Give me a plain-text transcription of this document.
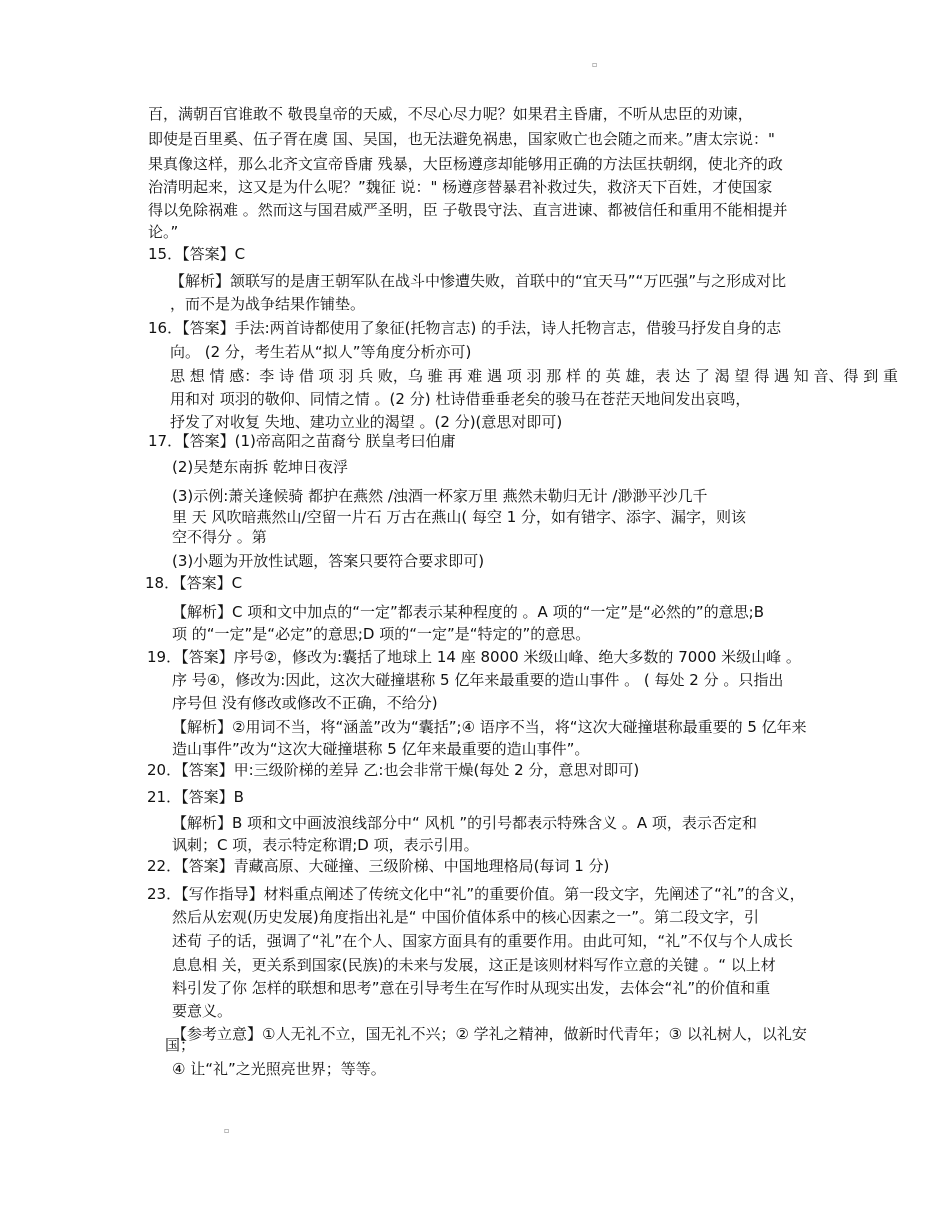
▫
百，满朝百官谁敢不 敬畏皇帝的天威，不尽心尽力呢？如果君主昏庸，不听从忠臣的劝谏，
即使是百里奚、伍子胥在虞 国、吴国，也无法避免祸患，国家败亡也会随之而来。”唐太宗说："
果真像这样，那么北齐文宣帝昏庸 残暴，大臣杨遵彦却能够用正确的方法匡扶朝纲，使北齐的政
治清明起来，这又是为什么呢？”魏征 说：" 杨遵彦替暴君补救过失，救济天下百姓，才使国家
得以免除祸难 。然而这与国君威严圣明，臣 子敬畏守法、直言进谏、都被信任和重用不能相提并
论。”
15．【答案】C
【解析】颔联写的是唐王朝军队在战斗中惨遭失败，首联中的“宜天马”“万匹强”与之形成对比
，而不是为战争结果作铺垫。
16．【答案】手法:两首诗都使用了象征(托物言志) 的手法，诗人托物言志，借骏马抒发自身的志
向。 (2 分，考生若从“拟人”等角度分析亦可)
思 想 情 感：李 诗 借 项 羽 兵 败，乌 骓 再 难 遇 项 羽 那 样 的 英 雄，表 达 了 渴 望 得 遇 知 音、得 到 重
用和对 项羽的敬仰、同情之情 。(2 分) 杜诗借垂垂老矣的骏马在苍茫天地间发出哀鸣，
抒发了对收复 失地、建功立业的渴望 。(2 分)(意思对即可)
17．【答案】(1)帝高阳之苗裔兮 朕皇考曰伯庸
(2)吴楚东南拆 乾坤日夜浮
(3)示例:萧关逢候骑 都护在燕然 /浊酒一杯家万里 燕然未勒归无计 /渺渺平沙几千
里 天 风吹暗燕然山/空留一片石 万古在燕山( 每空 1 分，如有错字、添字、漏字，则该
空不得分 。第
(3)小题为开放性试题，答案只要符合要求即可)
18．【答案】C
【解析】C 项和文中加点的“一定”都表示某种程度的 。A 项的“一定”是“必然的”的意思;B
项 的“一定”是“必定”的意思;D 项的“一定”是“特定的”的意思。
19．【答案】序号②，修改为:囊括了地球上 14 座 8000 米级山峰、绝大多数的 7000 米级山峰 。
序 号④，修改为:因此，这次大碰撞堪称 5 亿年来最重要的造山事件 。 ( 每处 2 分 。只指出
序号但 没有修改或修改不正确，不给分)
【解析】②用词不当，将“涵盖”改为“囊括”;④ 语序不当，将“这次大碰撞堪称最重要的 5 亿年来
造山事件”改为“这次大碰撞堪称 5 亿年来最重要的造山事件”。
20．【答案】甲:三级阶梯的差异 乙:也会非常干燥(每处 2 分，意思对即可)
21．【答案】B
【解析】B 项和文中画波浪线部分中“ 风机 ”的引号都表示特殊含义 。A 项，表示否定和
讽刺；C 项，表示特定称谓;D 项，表示引用。
22．【答案】青藏高原、大碰撞、三级阶梯、中国地理格局(每词 1 分)
23．【写作指导】材料重点阐述了传统文化中“礼”的重要价值。第一段文字，先阐述了“礼”的含义，
然后从宏观(历史发展)角度指出礼是“ 中国价值体系中的核心因素之一”。第二段文字，引
述荀 子的话，强调了“礼”在个人、国家方面具有的重要作用。由此可知，“礼”不仅与个人成长
息息相 关，更关系到国家(民族)的未来与发展，这正是该则材料写作立意的关键 。“ 以上材
料引发了你 怎样的联想和思考”意在引导考生在写作时从现实出发，去体会“礼”的价值和重
要意义。
【参考立意】①人无礼不立，国无礼不兴；② 学礼之精神，做新时代青年；③ 以礼树人，以礼安
国；
④ 让“礼”之光照亮世界；等等。
▫
